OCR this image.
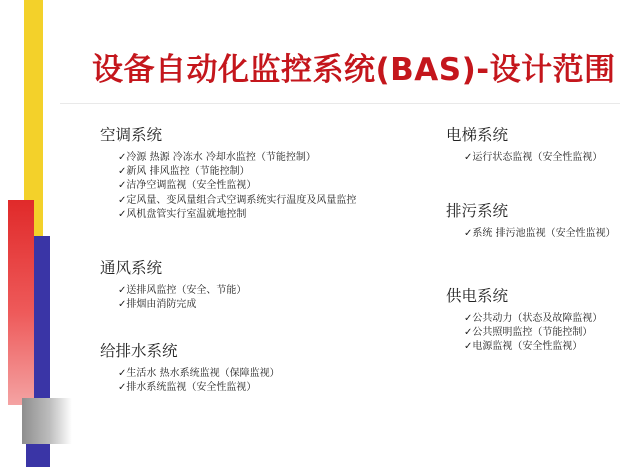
设备自动化监控系统(BAS)-设计范围
空调系统
✓冷源 热源 冷冻水 冷却水监控（节能控制）
✓新风 排风监控（节能控制）
✓洁净空调监视（安全性监视）
✓定风量、变风量组合式空调系统实行温度及风量监控
✓风机盘管实行室温就地控制
通风系统
✓送排风监控（安全、节能）
✓排烟由消防完成
给排水系统
✓生活水 热水系统监视（保障监视）
✓排水系统监视（安全性监视）
电梯系统
✓运行状态监视（安全性监视）
排污系统
✓系统 排污池监视（安全性监视）
供电系统
✓公共动力（状态及故障监视）
✓公共照明监控（节能控制）
✓电源监视（安全性监视）
